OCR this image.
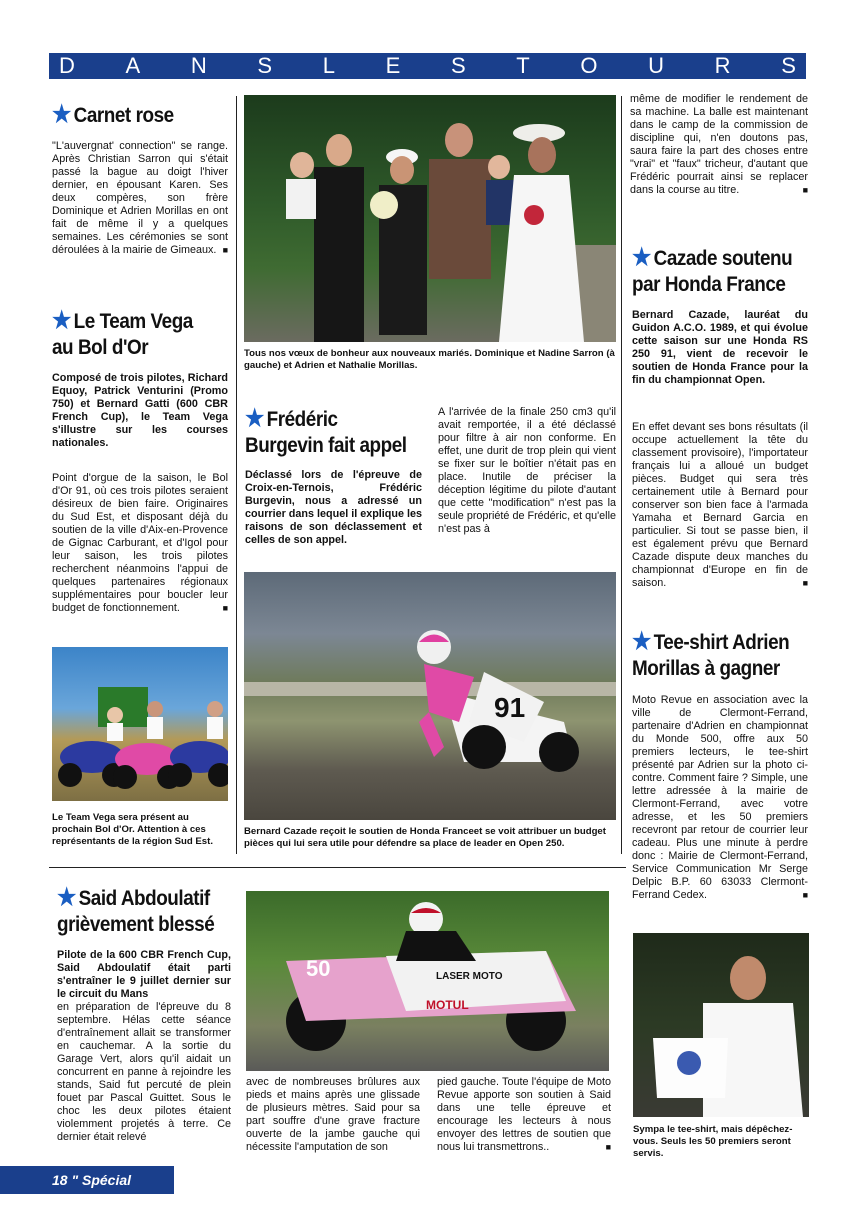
D A N S L E S T O U R S
★ Carnet rose
"L'auvergnat' connection" se range. Après Christian Sarron qui s'était passé la bague au doigt l'hiver dernier, en épousant Karen. Ses deux compères, son frère Dominique et Adrien Morillas en ont fait de même il y a quelques semaines. Les cérémonies se sont déroulées à la mairie de Gimeaux. ■
Tous nos vœux de bonheur aux nouveaux mariés. Dominique et Nadine Sarron (à gauche) et Adrien et Nathalie Morillas.
★ Le Team Vega
au Bol d'Or
Composé de trois pilotes, Richard Equoy, Patrick Venturini (Promo 750) et Bernard Gatti (600 CBR French Cup), le Team Vega s'illustre sur les courses nationales.
Point d'orgue de la saison, le Bol d'Or 91, où ces trois pilotes seraient désireux de bien faire. Originaires du Sud Est, et disposant déjà du soutien de la ville d'Aix-en-Provence de Gignac Carburant, et d'Igol pour leur saison, les trois pilotes recherchent néanmoins l'appui de quelques partenaires régionaux supplémentaires pour boucler leur budget de fonctionnement. ■
Le Team Vega sera présent au prochain Bol d'Or. Attention à ces représentants de la région Sud Est.
★ Frédéric
Burgevin fait appel
Déclassé lors de l'épreuve de Croix-en-Ternois, Frédéric Burgevin, nous a adressé un courrier dans lequel il explique les raisons de son déclassement et celles de son appel.
A l'arrivée de la finale 250 cm3 qu'il avait remportée, il a été déclassé pour filtre à air non conforme. En effet, une durit de trop plein qui vient se fixer sur le boîtier n'était pas en place. Inutile de préciser la déception légitime du pilote d'autant que cette "modification" n'est pas la seule propriété de Frédéric, et qu'elle n'est pas à
même de modifier le rendement de sa machine. La balle est maintenant dans le camp de la commission de discipline qui, n'en doutons pas, saura faire la part des choses entre "vrai" et "faux" tricheur, d'autant que Frédéric pourrait ainsi se replacer dans la course au titre. ■
91
Bernard Cazade reçoit le soutien de Honda Franceet se voit attribuer un budget pièces qui lui sera utile pour défendre sa place de leader en Open 250.
★ Cazade soutenu
par Honda France
Bernard Cazade, lauréat du Guidon A.C.O. 1989, et qui évolue cette saison sur une Honda RS 250 91, vient de recevoir le soutien de Honda France pour la fin du championnat Open.
En effet devant ses bons résultats (il occupe actuellement la tête du classement provisoire), l'importateur français lui a alloué un budget pièces. Budget qui sera très certainement utile à Bernard pour conserver son bien face à l'armada Yamaha et Bernard Garcia en particulier. Si tout se passe bien, il est également prévu que Bernard Cazade dispute deux manches du championnat d'Europe en fin de saison. ■
★ Tee-shirt Adrien
Morillas à gagner
Moto Revue en association avec la ville de Clermont-Ferrand, partenaire d'Adrien en championnat du Monde 500, offre aux 50 premiers lecteurs, le tee-shirt présenté par Adrien sur la photo ci-contre. Comment faire ? Simple, une lettre adressée à la mairie de Clermont-Ferrand, avec votre adresse, et les 50 premiers recevront par retour de courrier leur cadeau. Plus une minute à perdre donc : Mairie de Clermont-Ferrand, Service Communication Mr Serge Delpic B.P. 60 63033 Clermont-Ferrand Cedex. ■
Sympa le tee-shirt, mais dépêchez-vous. Seuls les 50 premiers seront servis.
★ Said Abdoulatif
grièvement blessé
Pilote de la 600 CBR French Cup, Said Abdoulatif était parti s'entraîner le 9 juillet dernier sur le circuit du Mans
en préparation de l'épreuve du 8 septembre. Hélas cette séance d'entraînement allait se transformer en cauchemar. A la sortie du Garage Vert, alors qu'il aidait un concurrent en panne à rejoindre les stands, Said fut percuté de plein fouet par Pascal Guittet. Sous le choc les deux pilotes étaient violemment projetés à terre. Ce dernier était relevé
50	LASER MOTO
MOTUL
avec de nombreuses brûlures aux pieds et mains après une glissade de plusieurs mètres. Said pour sa part souffre d'une grave fracture ouverte de la jambe gauche qui nécessite l'amputation de son
pied gauche. Toute l'équipe de Moto Revue apporte son soutien à Said dans une telle épreuve et encourage les lecteurs à nous envoyer des lettres de soutien que nous lui transmettrons.. ■
18 " Spécial Vacances "
